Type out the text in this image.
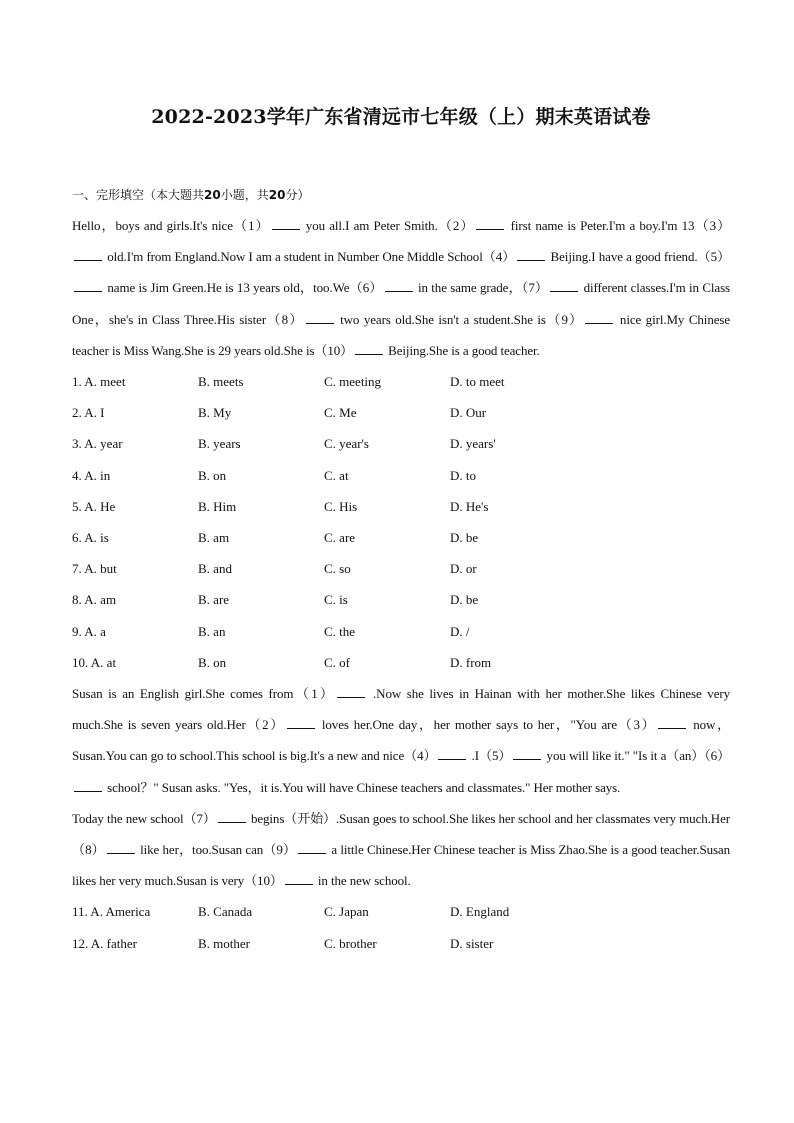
2022-2023学年广东省清远市七年级（上）期末英语试卷
一、完形填空（本大题共20小题，共20分）

Hello，boys and girls.It's nice（1） you all.I am Peter Smith.（2） first name is Peter.I'm a boy.I'm 13（3） old.I'm from England.Now I am a student in Number One Middle School（4） Beijing.I have a good friend.（5） name is Jim Green.He is 13 years old，too.We（6） in the same grade，（7） different classes.I'm in Class One，she's in Class Three.His sister（8） two years old.She isn't a student.She is（9） nice girl.My Chinese teacher is Miss Wang.She is 29 years old.She is（10） Beijing.She is a good teacher.

1. A. meet	B. meets	C. meeting	D. to meet
2. A. I	B. My	C. Me	D. Our
3. A. year	B. years	C. year's	D. years'
4. A. in	B. on	C. at	D. to
5. A. He	B. Him	C. His	D. He's
6. A. is	B. am	C. are	D. be
7. A. but	B. and	C. so	D. or
8. A. am	B. are	C. is	D. be
9. A. a	B. an	C. the	D. /
10. A. at	B. on	C. of	D. from

Susan is an English girl.She comes from（1） .Now she lives in Hainan with her mother.She likes Chinese very much.She is seven years old.Her（2） loves her.One day，her mother says to her，"You are（3） now，Susan.You can go to school.This school is big.It's a new and nice（4） .I（5） you will like it." "Is it a（an）（6） school？" Susan asks. "Yes，it is.You will have Chinese teachers and classmates." Her mother says.

Today the new school（7） begins（开始）.Susan goes to school.She likes her school and her classmates very much.Her（8） like her，too.Susan can（9） a little Chinese.Her Chinese teacher is Miss Zhao.She is a good teacher.Susan likes her very much.Susan is very（10） in the new school.

11. A. America	B. Canada	C. Japan	D. England
12. A. father	B. mother	C. brother	D. sister
